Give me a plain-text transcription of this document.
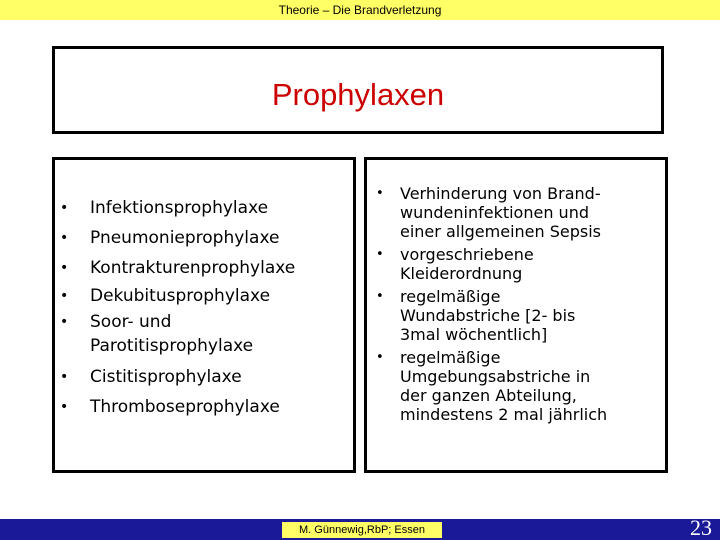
Theorie – Die Brandverletzung
Prophylaxen
• Infektionsprophylaxe
• Pneumonieprophylaxe
• Kontrakturenprophylaxe
• Dekubitusprophylaxe
• Soor- und
Parotitisprophylaxe
• Cistitisprophylaxe
• Thromboseprophylaxe
• Verhinderung von Brand-
wundeninfektionen und
einer allgemeinen Sepsis
• vorgeschriebene
Kleiderordnung
• regelmäßige
Wundabstriche [2- bis
3mal wöchentlich]
• regelmäßige
Umgebungsabstriche in
der ganzen Abteilung,
mindestens 2 mal jährlich
M. Günnewig,RbP; Essen	23
